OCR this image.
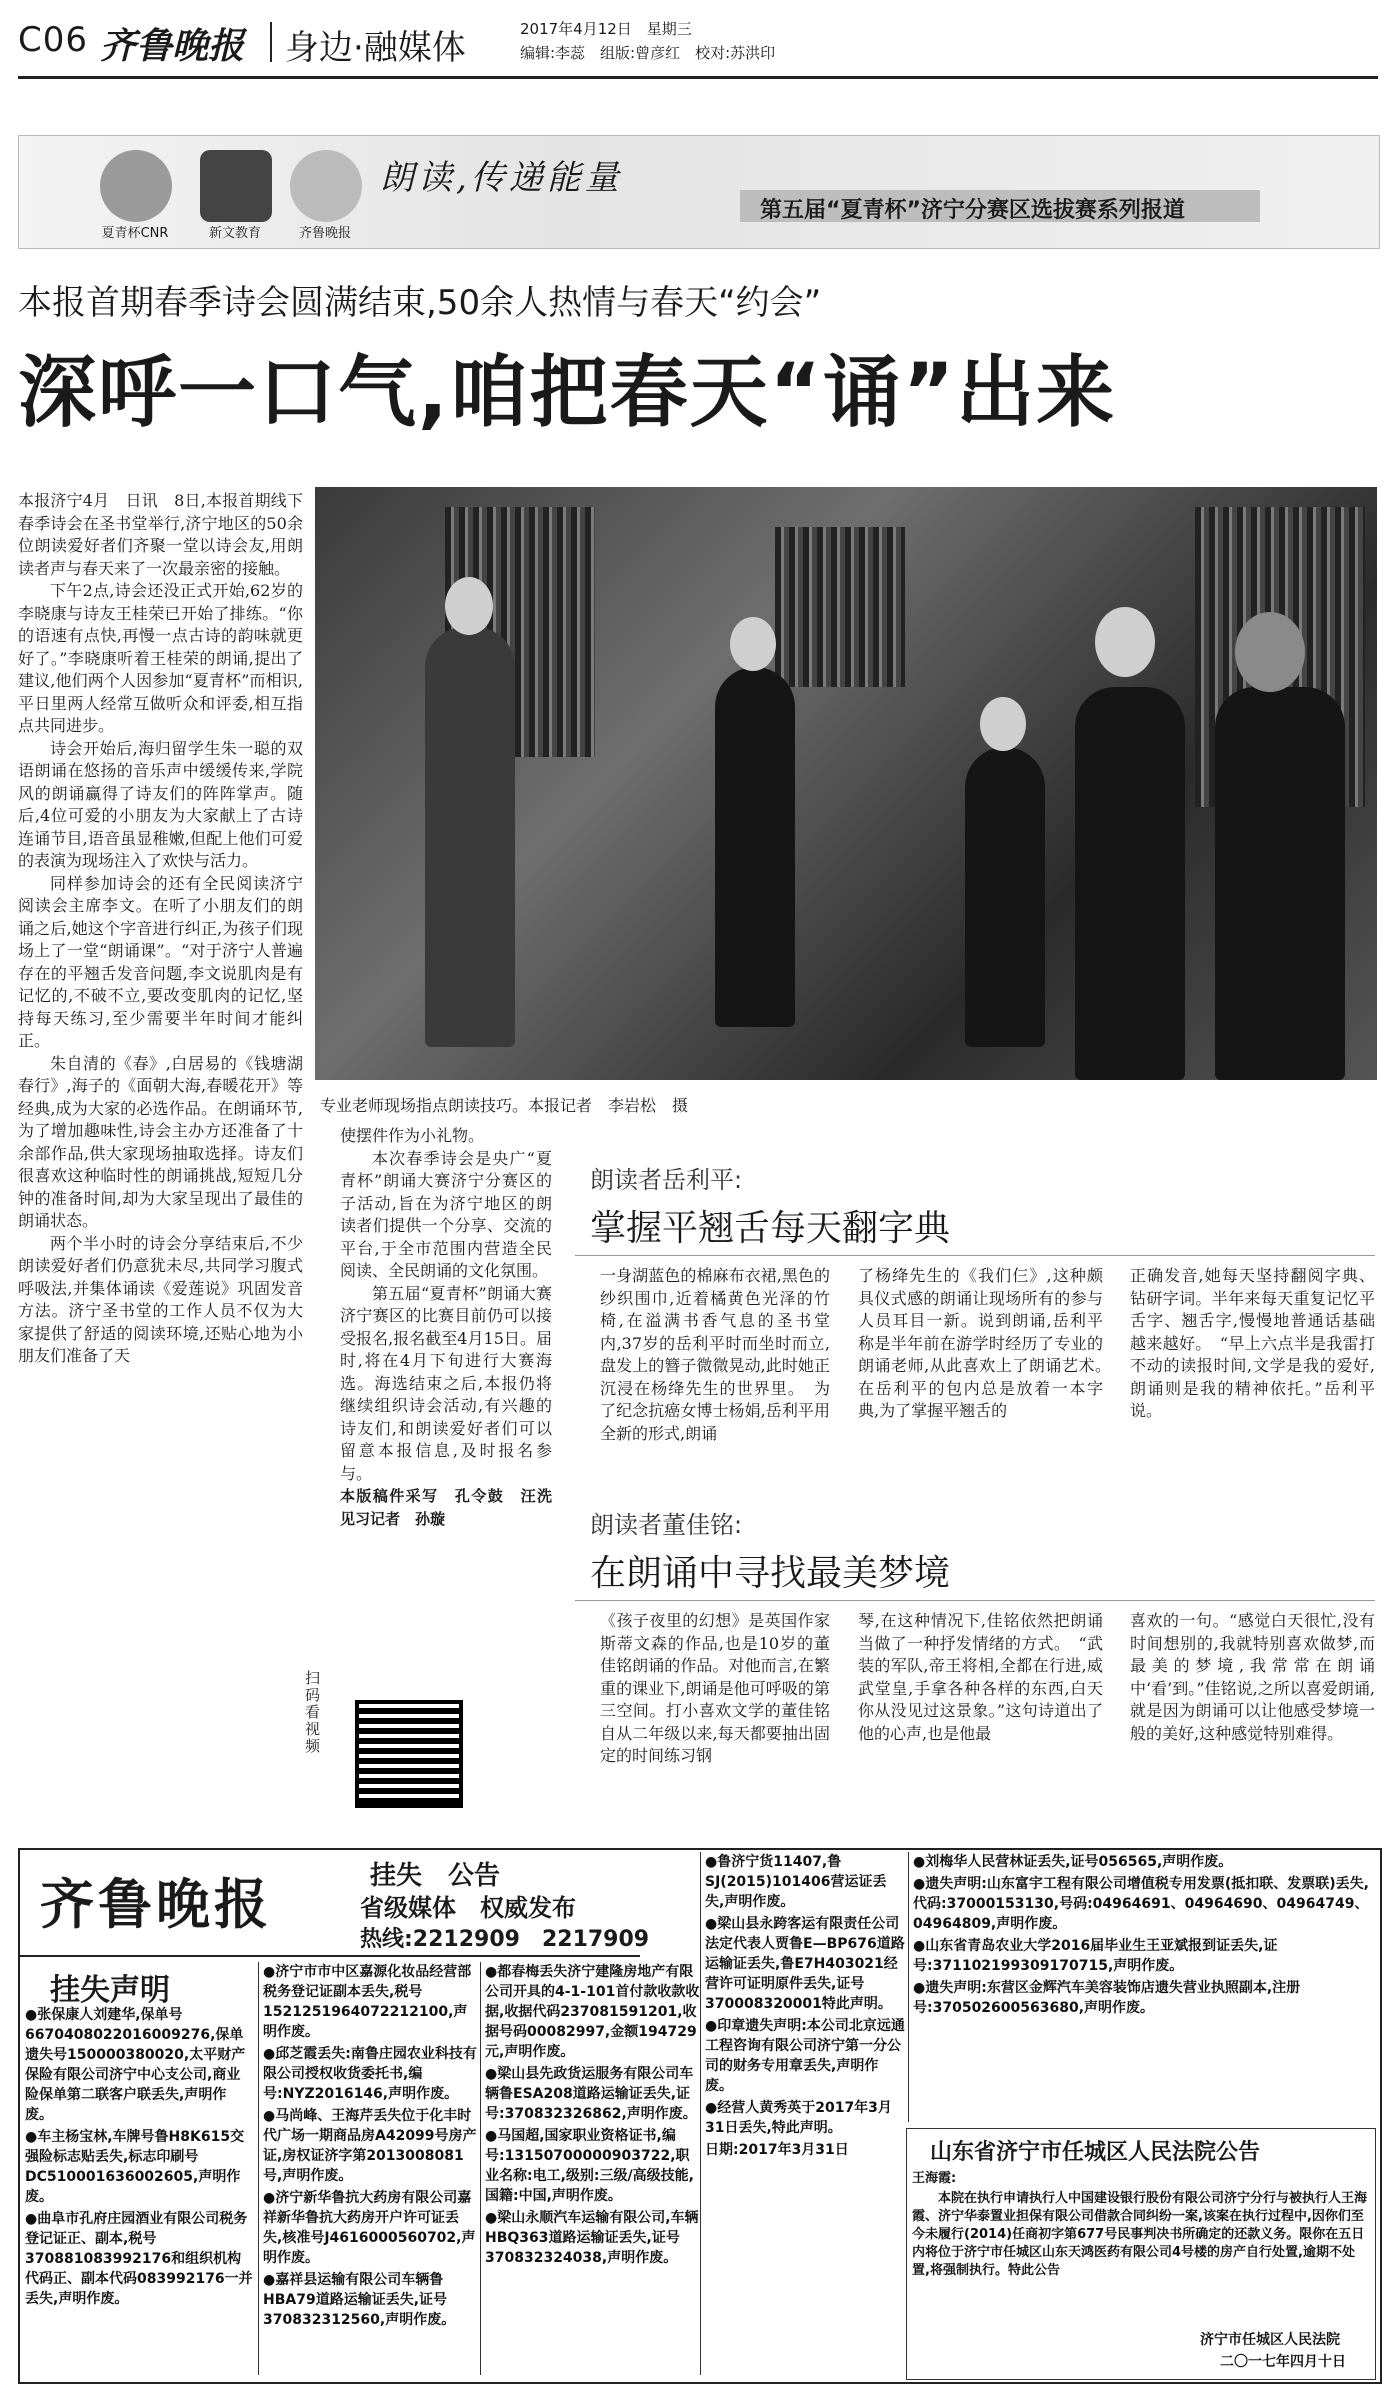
C06 齐鲁晚报 身边·融媒体	2017年4月12日　星期三
编辑:李蕊　组版:曾彦红　校对:苏洪印
夏青杯CNR	新文教育	齐鲁晚报
朗读,传递能量
第五届“夏青杯”济宁分赛区选拔赛系列报道
本报首期春季诗会圆满结束,50余人热情与春天“约会”
深呼一口气,咱把春天“诵”出来

本报济宁4月　日讯　8日,本报首期线下春季诗会在圣书堂举行,济宁地区的50余位朗读爱好者们齐聚一堂以诗会友,用朗读者声与春天来了一次最亲密的接触。

下午2点,诗会还没正式开始,62岁的李晓康与诗友王桂荣已开始了排练。“你的语速有点快,再慢一点古诗的韵味就更好了。”李晓康听着王桂荣的朗诵,提出了建议,他们两个人因参加“夏青杯”而相识,平日里两人经常互做听众和评委,相互指点共同进步。

诗会开始后,海归留学生朱一聪的双语朗诵在悠扬的音乐声中缓缓传来,学院风的朗诵赢得了诗友们的阵阵掌声。随后,4位可爱的小朋友为大家献上了古诗连诵节目,语音虽显稚嫩,但配上他们可爱的表演为现场注入了欢快与活力。

同样参加诗会的还有全民阅读济宁阅读会主席李文。在听了小朋友们的朗诵之后,她这个字音进行纠正,为孩子们现场上了一堂“朗诵课”。“对于济宁人普遍存在的平翘舌发音问题,李文说肌肉是有记忆的,不破不立,要改变肌肉的记忆,坚持每天练习,至少需要半年时间才能纠正。

朱自清的《春》,白居易的《钱塘湖春行》,海子的《面朝大海,春暖花开》等经典,成为大家的必选作品。在朗诵环节,为了增加趣味性,诗会主办方还准备了十余部作品,供大家现场抽取选择。诗友们很喜欢这种临时性的朗诵挑战,短短几分钟的准备时间,却为大家呈现出了最佳的朗诵状态。

两个半小时的诗会分享结束后,不少朗读爱好者们仍意犹未尽,共同学习腹式呼吸法,并集体诵读《爱莲说》巩固发音方法。济宁圣书堂的工作人员不仅为大家提供了舒适的阅读环境,还贴心地为小朋友们准备了天

专业老师现场指点朗读技巧。本报记者　李岩松　摄

使摆件作为小礼物。

本次春季诗会是央广“夏青杯”朗诵大赛济宁分赛区的子活动,旨在为济宁地区的朗读者们提供一个分享、交流的平台,于全市范围内营造全民阅读、全民朗诵的文化氛围。

第五届“夏青杯”朗诵大赛济宁赛区的比赛目前仍可以接受报名,报名截至4月15日。届时,将在4月下旬进行大赛海选。海选结束之后,本报仍将继续组织诗会活动,有兴趣的诗友们,和朗读爱好者们可以留意本报信息,及时报名参与。

本版稿件采写　孔令鼓　汪洗　见习记者　孙璇

扫码看视频
朗读者岳利平:
掌握平翘舌每天翻字典
一身湖蓝色的棉麻布衣裙,黑色的纱织围巾,近着橘黄色光泽的竹椅,在溢满书香气息的圣书堂内,37岁的岳利平时而坐时而立,盘发上的簪子微微晃动,此时她正沉浸在杨绛先生的世界里。　为了纪念抗癌女博士杨娟,岳利平用全新的形式,朗诵
了杨绛先生的《我们仨》,这种颇具仪式感的朗诵让现场所有的参与人员耳目一新。说到朗诵,岳利平称是半年前在游学时经历了专业的朗诵老师,从此喜欢上了朗诵艺术。　在岳利平的包内总是放着一本字典,为了掌握平翘舌的
正确发音,她每天坚持翻阅字典、钻研字词。半年来每天重复记忆平舌字、翘舌字,慢慢地普通话基础越来越好。　“早上六点半是我雷打不动的读报时间,文学是我的爱好,朗诵则是我的精神依托。”岳利平说。
朗读者董佳铭:
在朗诵中寻找最美梦境
《孩子夜里的幻想》是英国作家斯蒂文森的作品,也是10岁的董佳铭朗诵的作品。对他而言,在繁重的课业下,朗诵是他可呼吸的第三空间。打小喜欢文学的董佳铭自从二年级以来,每天都要抽出固定的时间练习钢
琴,在这种情况下,佳铭依然把朗诵当做了一种抒发情绪的方式。　“武装的军队,帝王将相,全都在行进,威武堂皇,手拿各种各样的东西,白天你从没见过这景象。”这句诗道出了他的心声,也是他最
喜欢的一句。“感觉白天很忙,没有时间想别的,我就特别喜欢做梦,而最美的梦境,我常常在朗诵中‘看’到。”佳铭说,之所以喜爱朗诵,就是因为朗诵可以让他感受梦境一般的美好,这种感觉特别难得。
齐鲁晚报	挂失　公告
省级媒体　权威发布
热线:2212909　2217909
挂失声明

●张保康人刘建华,保单号667040802201600927​6,保单遗失号150000380020,太平财产保险有限公司济宁中心支公司,商业险保单第二联客户联丢失,声明作废。

●车主杨宝林,车牌号鲁H8K615交强险标志贴丢失,标志印刷号DC5100016360026​05,声明作废。

●曲阜市孔府庄园酒业有限公司税务登记证正、副本,税号370881083992176和组织机构代码正、副本代码08399217​6一并丢失,声明作废。

●济宁市市中区嘉源化妆品经营部税务登记证副本丢失,税号15212519640722​1210​0,声明作废。

●邱芝霞丢失:南鲁庄园农业科技有限公司授权收货委托书,编号:NYZ2016146,声明作废。

●马尚峰、王海芹丢失位于化丰时代广场一期商品房A42099号房产证,房权证济字第2013008081号,声明作废。

●济宁新华鲁抗大药房有限公司嘉祥新华鲁抗大药房开户许可证丢失,核准号J4616000560702,声明作废。

●嘉祥县运输有限公司车辆鲁HBA79道路运输证丢失,证号3708323125​60,声明作废。

●都春梅丢失济宁建隆房地产有限公司开具的4-1-101首付款收款收据,收据代码23708159​1201,收据号码00082997,金额194729元,声明作废。

●梁山县先政货运服务有限公司车辆鲁ES​A208道路运输证丢失,证号:370832326862,声明作废。

●马国超,国家职业资格证书,编号:131507000009037​22,职业名称:电工,级别:三级/高级技能,国籍:中国,声明作废。

●梁山永顺汽车运输有限公司,车辆HBQ363道路运输证丢失,证号3708323240​38,声明作废。

●鲁济宁货11407,鲁SJ(2015)101406营运证丢失,声明作废。

●梁山县永跨客运有限责任公司法定代表人贾鲁E—BP676道路运输证丢失,鲁E7H403021经营许可证明原件丢失,证号37000832000​1特此声明。

●印章遗失声明:本公司北京远通工程咨询有限公司济宁第一分公司的财务专用章丢失,声明作废。

●经营人黄秀英于2017年3月31日丢失,特此声明。

日期:2017年3月31日

●刘梅华人民营林证丢失,证号056565,声明作废。

●遗失声明:山东富宇工程有限公司增值税专用发票(抵扣联、发票联)丢失,代码:37000153130,号码:04964691、04964690、04964749、04964809,声明作废。

●山东省青岛农业大学2016届毕业生王亚斌报到证丢失,证号:37110219930917​0715,声明作废。

●遗失声明:东营区金辉汽车美容装饰店遗失营业执照副本,注册号:370502600563680,声明作废。

山东省济宁市任城区人民法院公告

王海霞:

本院在执行申请执行人中国建设银行股份有限公司济宁分行与被执行人王海霞、济宁华泰置业担保有限公司借款合同纠纷一案,该案在执行过程中,因你们至今未履行(2014)任商初字第677号民事判决书所确定的还款义务。限你在五日内将位于济宁市任城区山东天鸿医药有限公司4号楼的房产自行处置,逾期不处置,将强制执行。特此公告

济宁市任城区人民法院
二〇一七年四月十日
